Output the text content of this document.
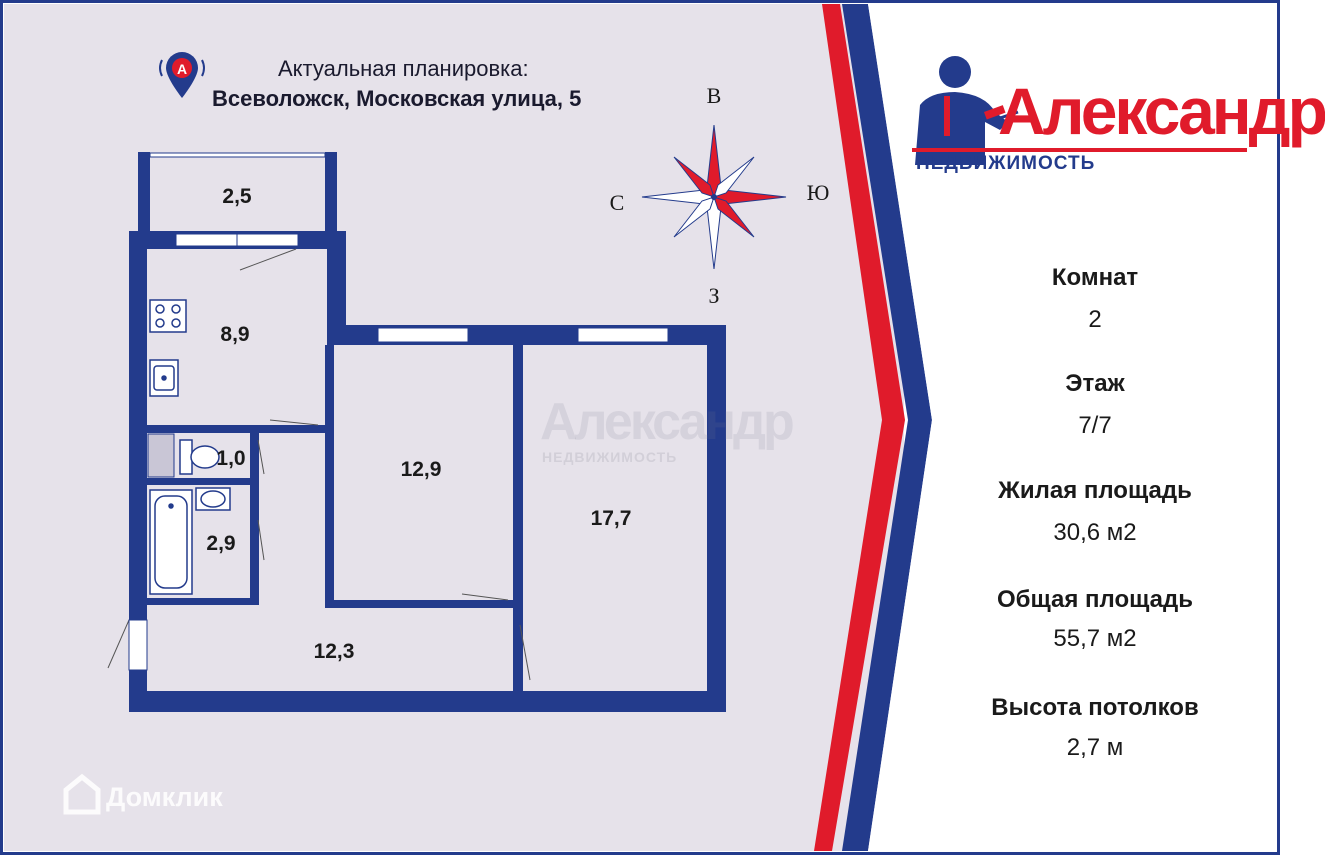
A	Актуальная планировка:
Всеволожск, Московская улица, 5	В
З
С	Ю
2,5
8,9
1,0
2,9
12,9
17,7
12,3
Александр
НЕДВИЖИМОСТЬ
Домклик
Александр
НЕДВИЖИМОСТЬ
Комнат
2
Этаж
7/7
Жилая площадь
30,6 м2
Общая площадь
55,7 м2
Высота потолков
2,7 м
